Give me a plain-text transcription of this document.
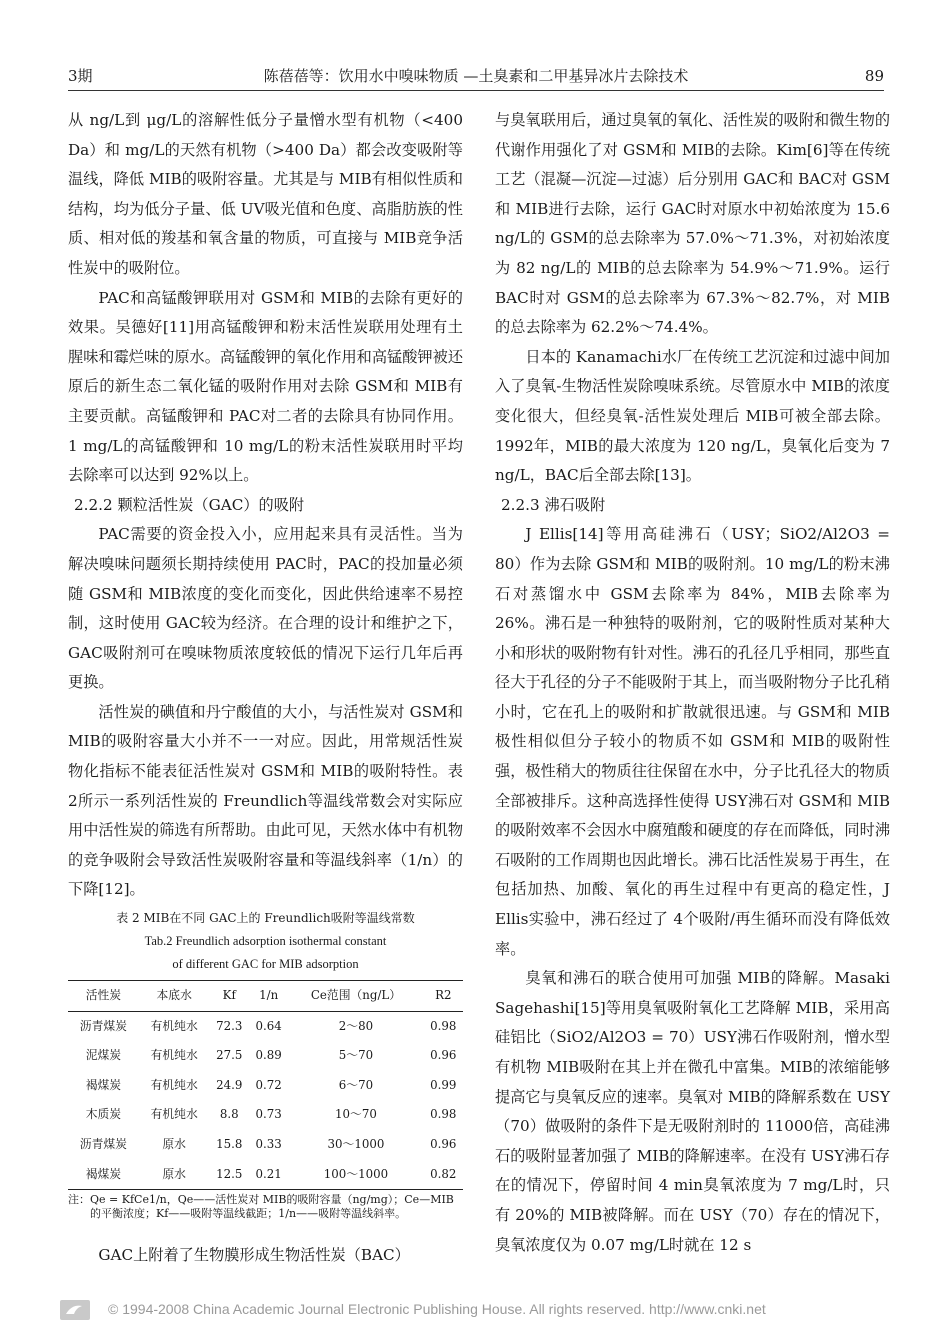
3期	陈蓓蓓等：饮用水中嗅味物质 —土臭素和二甲基异冰片去除技术	89

从 ng/L到 μg/L的溶解性低分子量憎水型有机物（<400 Da）和 mg/L的天然有机物（>400 Da）都会改变吸附等温线，降低 MIB的吸附容量。尤其是与 MIB有相似性质和结构，均为低分子量、低 UV吸光值和色度、高脂肪族的性质、相对低的羧基和氧含量的物质，可直接与 MIB竞争活性炭中的吸附位。

PAC和高锰酸钾联用对 GSM和 MIB的去除有更好的效果。吴德好[11]用高锰酸钾和粉末活性炭联用处理有土腥味和霉烂味的原水。高锰酸钾的氧化作用和高锰酸钾被还原后的新生态二氧化锰的吸附作用对去除 GSM和 MIB有主要贡献。高锰酸钾和 PAC对二者的去除具有协同作用。1 mg/L的高锰酸钾和 10 mg/L的粉末活性炭联用时平均去除率可以达到 92%以上。

2.2.2 颗粒活性炭（GAC）的吸附

PAC需要的资金投入小，应用起来具有灵活性。当为解决嗅味问题须长期持续使用 PAC时，PAC的投加量必须随 GSM和 MIB浓度的变化而变化，因此供给速率不易控制，这时使用 GAC较为经济。在合理的设计和维护之下，GAC吸附剂可在嗅味物质浓度较低的情况下运行几年后再更换。

活性炭的碘值和丹宁酸值的大小，与活性炭对 GSM和 MIB的吸附容量大小并不一一对应。因此，用常规活性炭物化指标不能表征活性炭对 GSM和 MIB的吸附特性。表 2所示一系列活性炭的 Freundlich等温线常数会对实际应用中活性炭的筛选有所帮助。由此可见，天然水体中有机物的竞争吸附会导致活性炭吸附容量和等温线斜率（1/n）的下降[12]。

表 2 MIB在不同 GAC上的 Freundlich吸附等温线常数
Tab.2 Freundlich adsorption isothermal constant
of different GAC for MIB adsorption
活性炭	本底水	Kf	1/n	Ce范围（ng/L）	R2
沥青煤炭	有机纯水	72.3	0.64	2～80	0.98
泥煤炭	有机纯水	27.5	0.89	5～70	0.96
褐煤炭	有机纯水	24.9	0.72	6～70	0.99
木质炭	有机纯水	8.8	0.73	10～70	0.98
沥青煤炭	原水	15.8	0.33	30～1000	0.96
褐煤炭	原水	12.5	0.21	100～1000	0.82
注：Qe = KfCe1/n，Qe——活性炭对 MIB的吸附容量（ng/mg）；Ce—MIB的平衡浓度；Kf——吸附等温线截距；1/n——吸附等温线斜率。

GAC上附着了生物膜形成生物活性炭（BAC）

与臭氧联用后，通过臭氧的氧化、活性炭的吸附和微生物的代谢作用强化了对 GSM和 MIB的去除。Kim[6]等在传统工艺（混凝—沉淀—过滤）后分别用 GAC和 BAC对 GSM和 MIB进行去除，运行 GAC时对原水中初始浓度为 15.6 ng/L的 GSM的总去除率为 57.0%～71.3%，对初始浓度为 82 ng/L的 MIB的总去除率为 54.9%～71.9%。运行 BAC时对 GSM的总去除率为 67.3%～82.7%，对 MIB的总去除率为 62.2%～74.4%。

日本的 Kanamachi水厂在传统工艺沉淀和过滤中间加入了臭氧-生物活性炭除嗅味系统。尽管原水中 MIB的浓度变化很大，但经臭氧-活性炭处理后 MIB可被全部去除。1992年，MIB的最大浓度为 120 ng/L，臭氧化后变为 7 ng/L，BAC后全部去除[13]。

2.2.3 沸石吸附

J Ellis[14]等用高硅沸石（USY；SiO2/Al2O3 = 80）作为去除 GSM和 MIB的吸附剂。10 mg/L的粉末沸石对蒸馏水中 GSM去除率为 84%，MIB去除率为 26%。沸石是一种独特的吸附剂，它的吸附性质对某种大小和形状的吸附物有针对性。沸石的孔径几乎相同，那些直径大于孔径的分子不能吸附于其上，而当吸附物分子比孔稍小时，它在孔上的吸附和扩散就很迅速。与 GSM和 MIB极性相似但分子较小的物质不如 GSM和 MIB的吸附性强，极性稍大的物质往往保留在水中，分子比孔径大的物质全部被排斥。这种高选择性使得 USY沸石对 GSM和 MIB的吸附效率不会因水中腐殖酸和硬度的存在而降低，同时沸石吸附的工作周期也因此增长。沸石比活性炭易于再生，在包括加热、加酸、氧化的再生过程中有更高的稳定性，J Ellis实验中，沸石经过了 4个吸附/再生循环而没有降低效率。

臭氧和沸石的联合使用可加强 MIB的降解。Masaki Sagehashi[15]等用臭氧吸附氧化工艺降解 MIB，采用高硅铝比（SiO2/Al2O3 = 70）USY沸石作吸附剂，憎水型有机物 MIB吸附在其上并在微孔中富集。MIB的浓缩能够提高它与臭氧反应的速率。臭氧对 MIB的降解系数在 USY（70）做吸附的条件下是无吸附剂时的 11000倍，高硅沸石的吸附显著加强了 MIB的降解速率。在没有 USY沸石存在的情况下，停留时间 4 min臭氧浓度为 7 mg/L时，只有 20%的 MIB被降解。而在 USY（70）存在的情况下，臭氧浓度仅为 0.07 mg/L时就在 12 s

© 1994-2008 China Academic Journal Electronic Publishing House. All rights reserved. http://www.cnki.net
